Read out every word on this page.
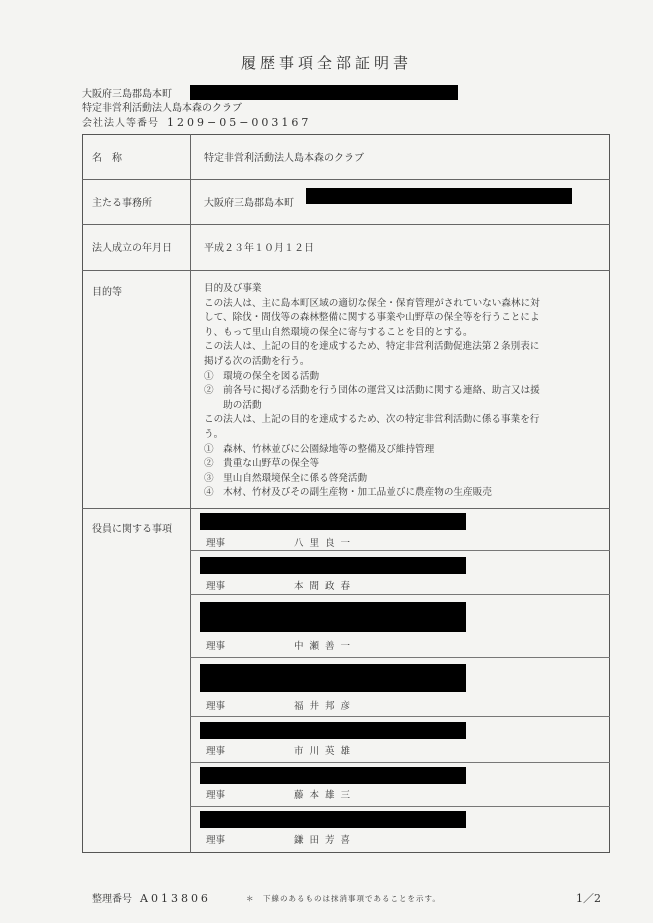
履歴事項全部証明書
大阪府三島郡島本町
特定非営利活動法人島本森のクラブ
会社法人等番号 1209−05−003167
名　称	特定非営利活動法人島本森のクラブ
主たる事務所	大阪府三島郡島本町
法人成立の年月日	平成２３年１０月１２日
目的等	目的及び事業
この法人は、主に島本町区域の適切な保全・保育管理がされていない森林に対
して、除伐・間伐等の森林整備に関する事業や山野草の保全等を行うことによ
り、もって里山自然環境の保全に寄与することを目的とする。
この法人は、上記の目的を達成するため、特定非営利活動促進法第２条別表に
掲げる次の活動を行う。
①　環境の保全を図る活動
②　前各号に掲げる活動を行う団体の運営又は活動に関する連絡、助言又は援
　　助の活動
この法人は、上記の目的を達成するため、次の特定非営利活動に係る事業を行
う。
①　森林、竹林並びに公園緑地等の整備及び維持管理
②　貴重な山野草の保全等
③　里山自然環境保全に係る啓発活動
④　木材、竹材及びその副生産物・加工品並びに農産物の生産販売
役員に関する事項
理事	八里良一
理事	本間政春
理事	中瀬善一
理事	福井邦彦
理事	市川英雄
理事	藤本雄三
理事	鎌田芳喜
整理番号 A013806	＊　下線のあるものは抹消事項であることを示す。	1／2
